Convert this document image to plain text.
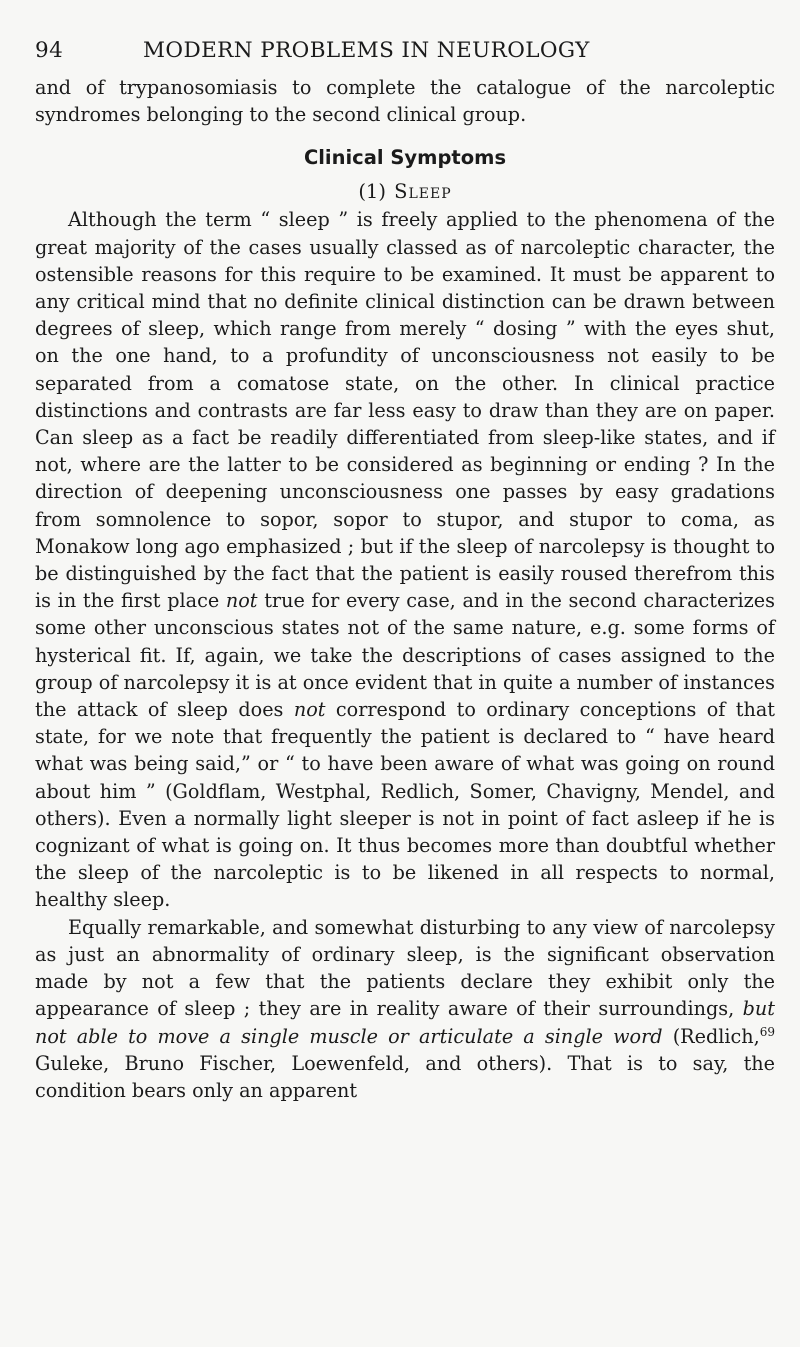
94	MODERN PROBLEMS IN NEUROLOGY

and of trypanosomiasis to complete the catalogue of the narcoleptic syndromes belonging to the second clinical group.

Clinical Symptoms
(1) Sleep

Although the term “ sleep ” is freely applied to the phenomena of the great majority of the cases usually classed as of narcoleptic character, the ostensible reasons for this require to be examined. It must be apparent to any critical mind that no definite clinical distinction can be drawn between degrees of sleep, which range from merely “ dosing ” with the eyes shut, on the one hand, to a profundity of unconsciousness not easily to be separated from a comatose state, on the other. In clinical practice distinctions and contrasts are far less easy to draw than they are on paper. Can sleep as a fact be readily differentiated from sleep-like states, and if not, where are the latter to be considered as beginning or ending ? In the direction of deepening unconsciousness one passes by easy gradations from somnolence to sopor, sopor to stupor, and stupor to coma, as Monakow long ago emphasized ; but if the sleep of narcolepsy is thought to be distinguished by the fact that the patient is easily roused therefrom this is in the first place not true for every case, and in the second characterizes some other unconscious states not of the same nature, e.g. some forms of hysterical fit. If, again, we take the descriptions of cases assigned to the group of narcolepsy it is at once evident that in quite a number of instances the attack of sleep does not correspond to ordinary conceptions of that state, for we note that frequently the patient is declared to “ have heard what was being said,” or “ to have been aware of what was going on round about him ” (Goldflam, Westphal, Redlich, Somer, Chavigny, Mendel, and others). Even a normally light sleeper is not in point of fact asleep if he is cognizant of what is going on. It thus becomes more than doubtful whether the sleep of the narcoleptic is to be likened in all respects to normal, healthy sleep.

Equally remarkable, and somewhat disturbing to any view of narcolepsy as just an abnormality of ordinary sleep, is the significant observation made by not a few that the patients declare they exhibit only the appearance of sleep ; they are in reality aware of their surroundings, but not able to move a single muscle or articulate a single word (Redlich,$^{69}$ Guleke, Bruno Fischer, Loewenfeld, and others). That is to say, the condition bears only an apparent
